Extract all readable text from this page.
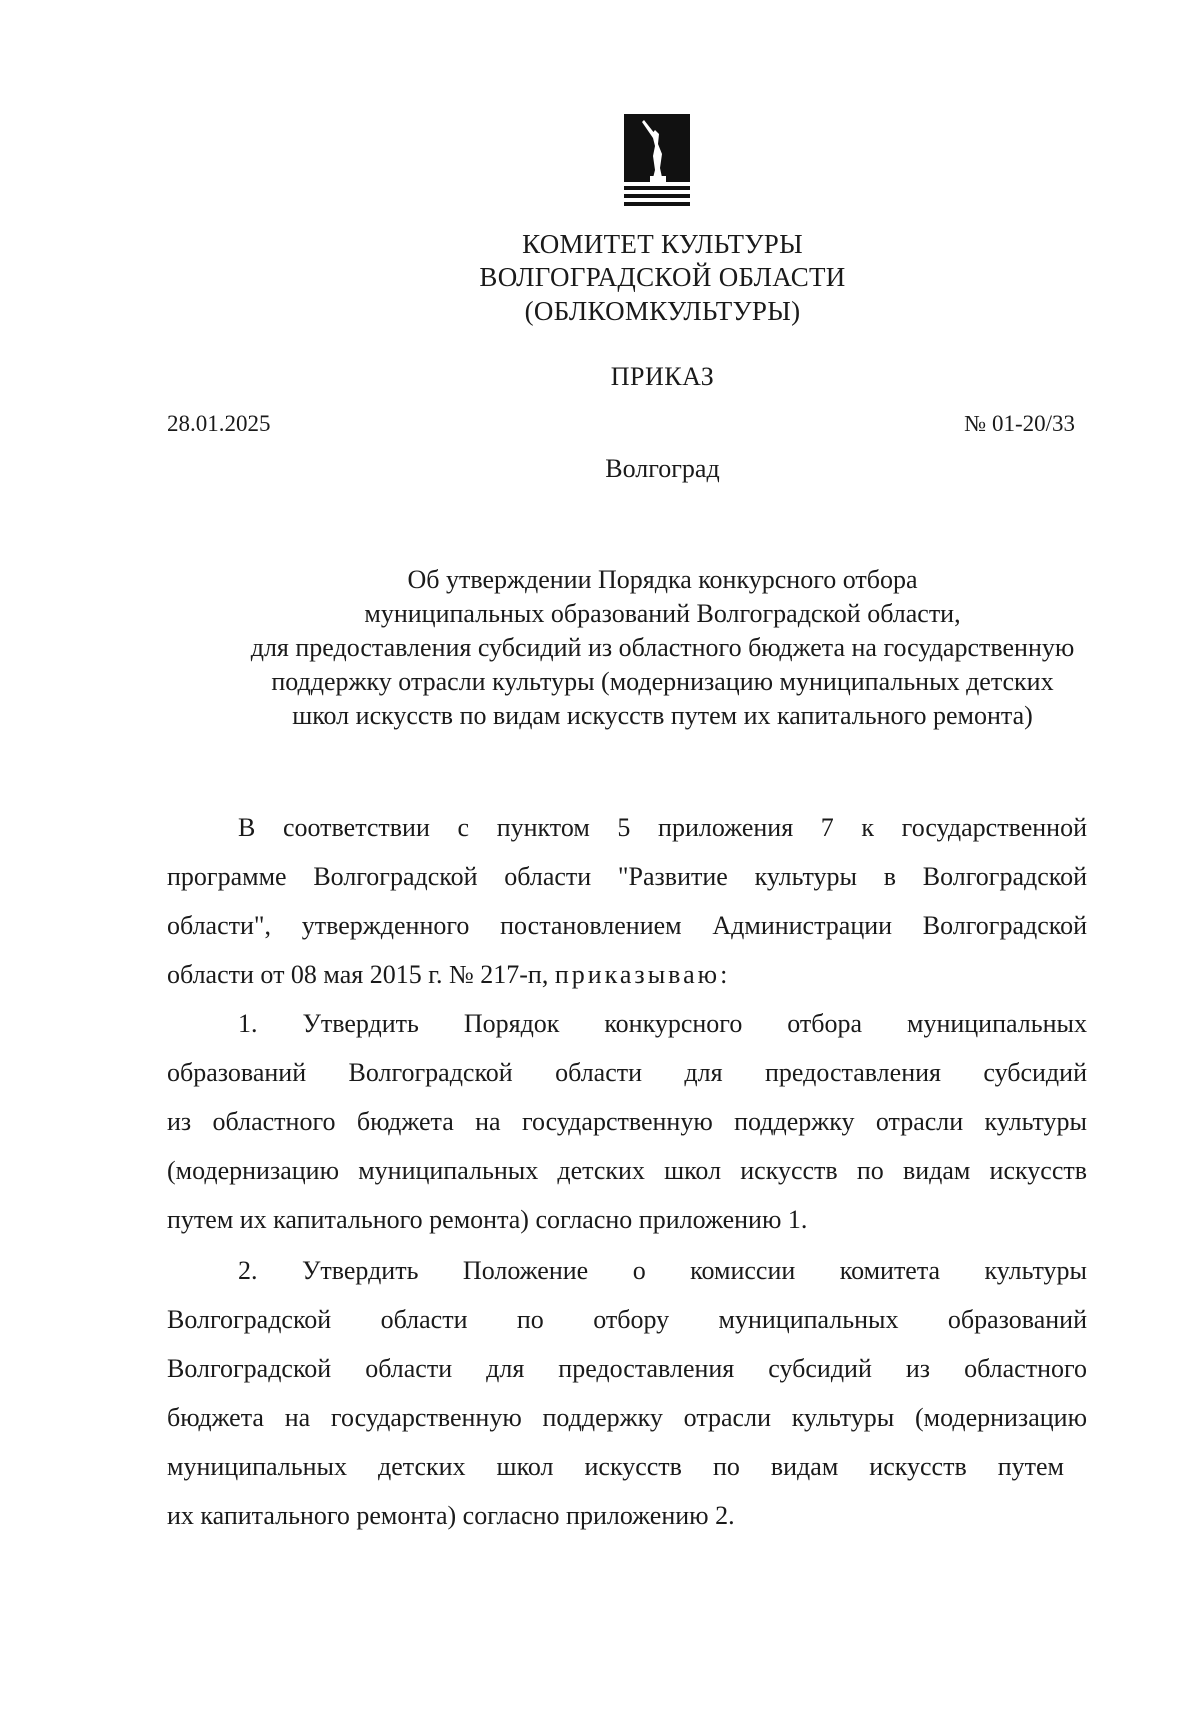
КОМИТЕТ КУЛЬТУРЫ
ВОЛГОГРАДСКОЙ ОБЛАСТИ
(ОБЛКОМКУЛЬТУРЫ)
ПРИКАЗ
28.01.2025	№ 01-20/33
Волгоград
Об утверждении Порядка конкурсного отбора
муниципальных образований Волгоградской области,
для предоставления субсидий из областного бюджета на государственную
поддержку отрасли культуры (модернизацию муниципальных детских
школ искусств по видам искусств путем их капитального ремонта)
В соответствии с пунктом 5 приложения 7 к государственной
программе Волгоградской области "Развитие культуры в Волгоградской
области", утвержденного постановлением Администрации Волгоградской
области от 08 мая 2015 г. № 217-п, приказываю:
1. Утвердить Порядок конкурсного отбора муниципальных
образований Волгоградской области для предоставления субсидий
из областного бюджета на государственную поддержку отрасли культуры
(модернизацию муниципальных детских школ искусств по видам искусств
путем их капитального ремонта) согласно приложению 1.
2. Утвердить Положение о комиссии комитета культуры
Волгоградской области по отбору муниципальных образований
Волгоградской области для предоставления субсидий из областного
бюджета на государственную поддержку отрасли культуры (модернизацию
муниципальных детских школ искусств по видам искусств путем
их капитального ремонта) согласно приложению 2.
